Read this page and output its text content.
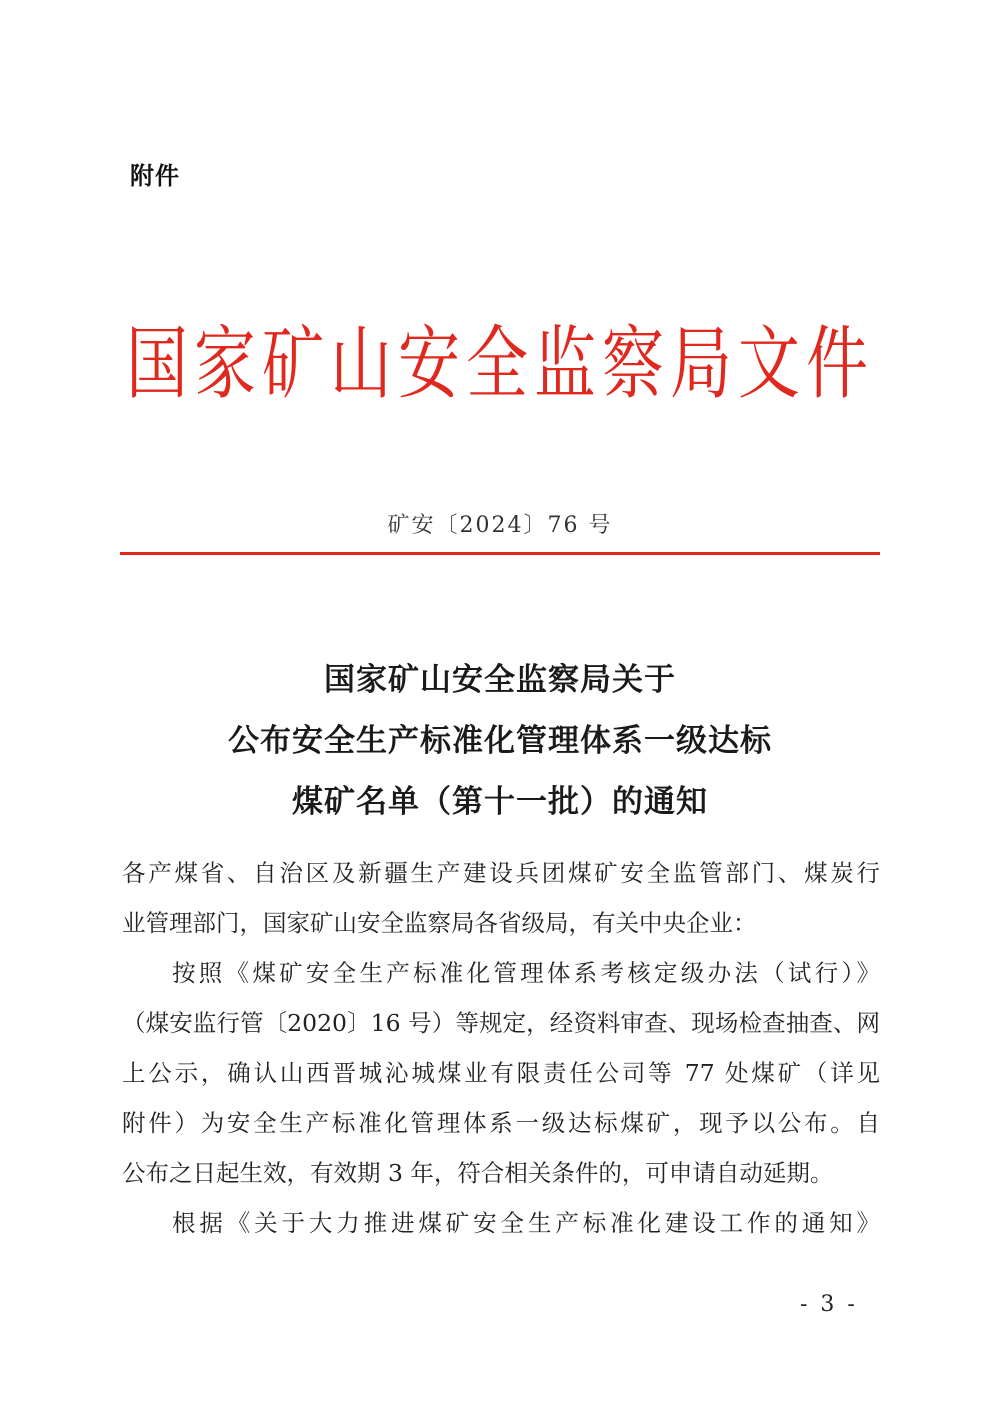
附件
国家矿山安全监察局文件
矿安〔2024〕76 号
国家矿山安全监察局关于
公布安全生产标准化管理体系一级达标
煤矿名单（第十一批）的通知

各产煤省、自治区及新疆生产建设兵团煤矿安全监管部门、煤炭行
业管理部门，国家矿山安全监察局各省级局，有关中央企业：

按照《煤矿安全生产标准化管理体系考核定级办法（试行）》
（煤安监行管〔2020〕16 号）等规定，经资料审查、现场检查抽查、网
上公示，确认山西晋城沁城煤业有限责任公司等 77 处煤矿（详见
附件）为安全生产标准化管理体系一级达标煤矿，现予以公布。自
公布之日起生效，有效期 3 年，符合相关条件的，可申请自动延期。

根据《关于大力推进煤矿安全生产标准化建设工作的通知》

- 3 -
